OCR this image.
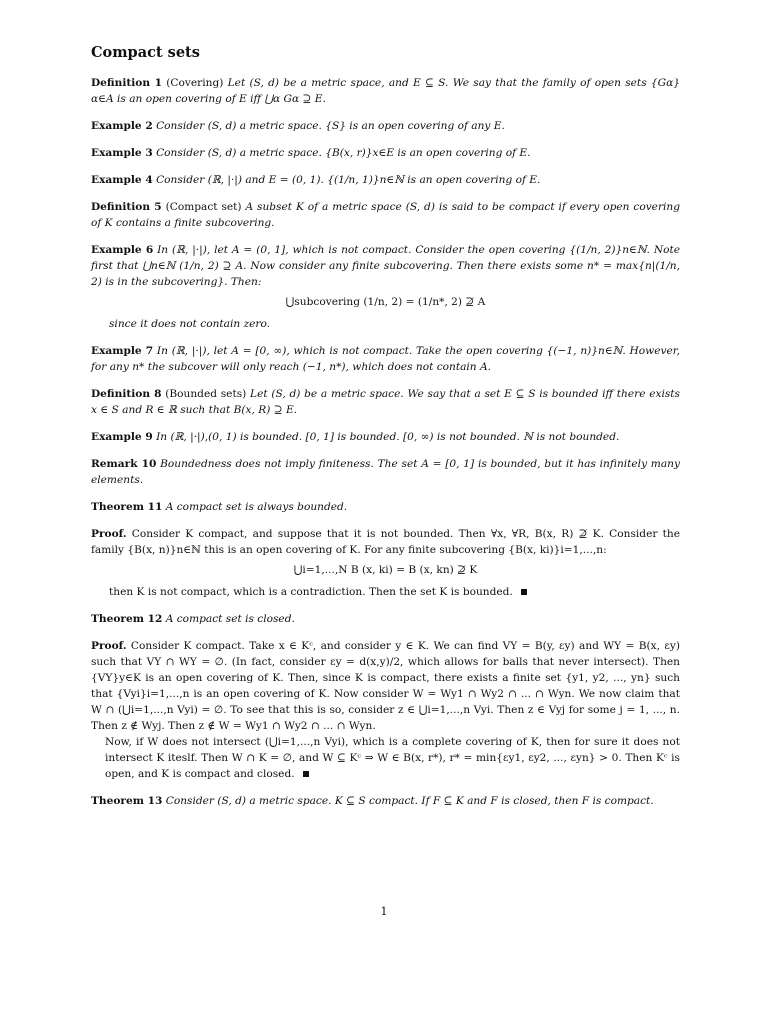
Compact sets
Definition 1 (Covering) Let (S, d) be a metric space, and E ⊆ S. We say that the family of open sets {Gα}α∈A is an open covering of E iff ⋃α Gα ⊇ E.
Example 2 Consider (S, d) a metric space. {S} is an open covering of any E.
Example 3 Consider (S, d) a metric space. {B(x, r)}x∈E is an open covering of E.
Example 4 Consider (ℝ, |·|) and E = (0, 1). {(1/n, 1)}n∈ℕ is an open covering of E.
Definition 5 (Compact set) A subset K of a metric space (S, d) is said to be compact if every open covering of K contains a finite subcovering.
Example 6 In (ℝ, |·|), let A = (0, 1], which is not compact. Consider the open covering {(1/n, 2)}n∈ℕ. Note first that ⋃n∈ℕ (1/n, 2) ⊇ A. Now consider any finite subcovering. Then there exists some n* = max{n|(1/n, 2) is in the subcovering}. Then:
⋃subcovering (1/n, 2) = (1/n*, 2) ⊉ A
since it does not contain zero.
Example 7 In (ℝ, |·|), let A = [0, ∞), which is not compact. Take the open covering {(−1, n)}n∈ℕ. However, for any n* the subcover will only reach (−1, n*), which does not contain A.
Definition 8 (Bounded sets) Let (S, d) be a metric space. We say that a set E ⊆ S is bounded iff there exists x ∈ S and R ∈ ℝ such that B(x, R) ⊇ E.
Example 9 In (ℝ, |·|),(0, 1) is bounded. [0, 1] is bounded. [0, ∞) is not bounded. ℕ is not bounded.
Remark 10 Boundedness does not imply finiteness. The set A = [0, 1] is bounded, but it has infinitely many elements.
Theorem 11 A compact set is always bounded.
Proof. Consider K compact, and suppose that it is not bounded. Then ∀x, ∀R, B(x, R) ⊉ K. Consider the family {B(x, n)}n∈ℕ this is an open covering of K. For any finite subcovering {B(x, ki)}i=1,...,n:
⋃i=1,...,N B (x, ki) = B (x, kn) ⊉ K
then K is not compact, which is a contradiction. Then the set K is bounded.
Theorem 12 A compact set is closed.
Proof. Consider K compact. Take x ∈ Kᶜ, and consider y ∈ K. We can find VY = B(y, εy) and WY = B(x, εy) such that VY ∩ WY = ∅. (In fact, consider εy = d(x,y)/2, which allows for balls that never intersect). Then {VY}y∈K is an open covering of K. Then, since K is compact, there exists a finite set {y1, y2, ..., yn} such that {Vyi}i=1,...,n is an open covering of K. Now consider W = Wy1 ∩ Wy2 ∩ ... ∩ Wyn. We now claim that W ∩ (⋃i=1,...,n Vyi) = ∅. To see that this is so, consider z ∈ ⋃i=1,...,n Vyi. Then z ∈ Vyj for some j = 1, ..., n. Then z ∉ Wyj. Then z ∉ W = Wy1 ∩ Wy2 ∩ ... ∩ Wyn.
Now, if W does not intersect (⋃i=1,...,n Vyi), which is a complete covering of K, then for sure it does not intersect K iteslf. Then W ∩ K = ∅, and W ⊆ Kᶜ ⇒ W ∈ B(x, r*), r* = min{εy1, εy2, ..., εyn} > 0. Then Kᶜ is open, and K is compact and closed.
Theorem 13 Consider (S, d) a metric space. K ⊆ S compact. If F ⊆ K and F is closed, then F is compact.
1
